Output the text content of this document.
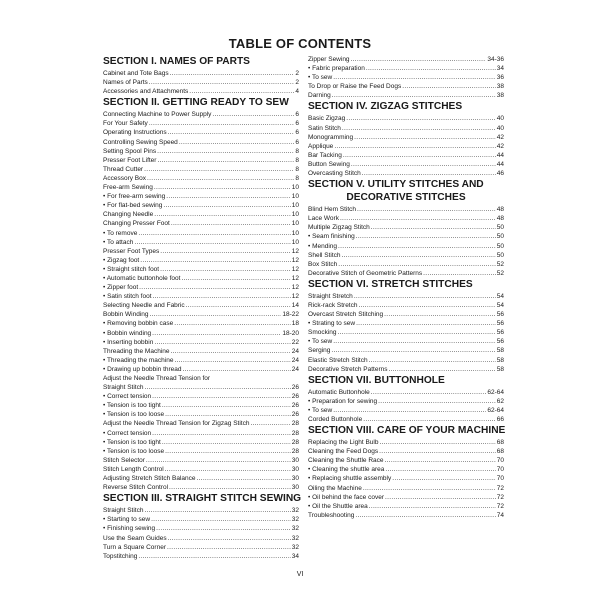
TABLE OF CONTENTS
SECTION I. NAMES OF PARTS
Cabinet and Tote Bags .....	2
Names of Parts .....	2
Accessories and Attachments .....	4
SECTION II. GETTING READY TO SEW
Connecting Machine to Power Supply .....	6
For Your Safety .....	6
Operating Instructions .....	6
Controlling Sewing Speed .....	6
Setting Spool Pins .....	8
Presser Foot Lifter .....	8
Thread Cutter .....	8
Accessory Box .....	8
Free-arm Sewing .....	10
• For free-arm sewing .....	10
• For flat-bed sewing .....	10
Changing Needle .....	10
Changing Presser Foot .....	10
• To remove .....	10
• To attach .....	10
Presser Foot Types .....	12
• Zigzag foot .....	12
• Straight stitch foot .....	12
• Automatic buttonhole foot .....	12
• Zipper foot .....	12
• Satin stitch foot .....	12
Selecting Needle and Fabric .....	14
Bobbin Winding .....	18-22
• Removing bobbin case .....	18
• Bobbin winding .....	18-20
• Inserting bobbin .....	22
Threading the Machine .....	24
• Threading the machine .....	24
• Drawing up bobbin thread .....	24
Adjust the Needle Thread Tension for
Straight Stitch .....	26
• Correct tension .....	26
• Tension is too tight .....	26
• Tension is too loose .....	26
Adjust the Needle Thread Tension for Zigzag Stitch .....	28
• Correct tension .....	28
• Tension is too tight .....	28
• Tension is too loose .....	28
Stitch Selector .....	30
Stitch Length Control .....	30
Adjusting Stretch Stitch Balance .....	30
Reverse Stitch Control .....	30
SECTION III. STRAIGHT STITCH SEWING
Straight Stitch .....	32
• Starting to sew .....	32
• Finishing sewing .....	32
Use the Seam Guides .....	32
Turn a Square Corner .....	32
Topstitching .....	34
Zipper Sewing .....	34-36
• Fabric preparation .....	34
• To sew .....	36
To Drop or Raise the Feed Dogs .....	38
Darning .....	38
SECTION IV. ZIGZAG STITCHES
Basic Zigzag .....	40
Satin Stitch .....	40
Monogramming .....	42
Applique .....	42
Bar Tacking .....	44
Button Sewing .....	44
Overcasting Stitch .....	46
SECTION V. UTILITY STITCHES AND
DECORATIVE STITCHES
Blind Hem Stitch .....	48
Lace Work .....	48
Multiple Zigzag Stitch .....	50
• Seam finishing .....	50
• Mending .....	50
Shell Stitch .....	50
Box Stitch .....	52
Decorative Stitch of Geometric Patterns .....	52
SECTION VI. STRETCH STITCHES
Straight Stretch .....	54
Rick-rack Stretch .....	54
Overcast Stretch Stitching .....	56
• Strating to sew .....	56
Smocking .....	56
• To sew .....	56
Serging .....	58
Elastic Stretch Stitch .....	58
Decorative Stretch Patterns .....	58
SECTION VII. BUTTONHOLE
Automatic Buttonhole .....	62-64
• Preparation for sewing .....	62
• To sew .....	62-64
Corded Buttonhole .....	66
SECTION VIII. CARE OF YOUR MACHINE
Replacing the Light Bulb .....	68
Cleaning the Feed Dogs .....	68
Cleaning the Shuttle Race .....	70
• Cleaning the shuttle area .....	70
• Replacing shuttle assembly .....	70
Oiling the Machine .....	72
• Oil behind the face cover .....	72
• Oil the Shuttle area .....	72
Troubleshooting .....	74
VI
